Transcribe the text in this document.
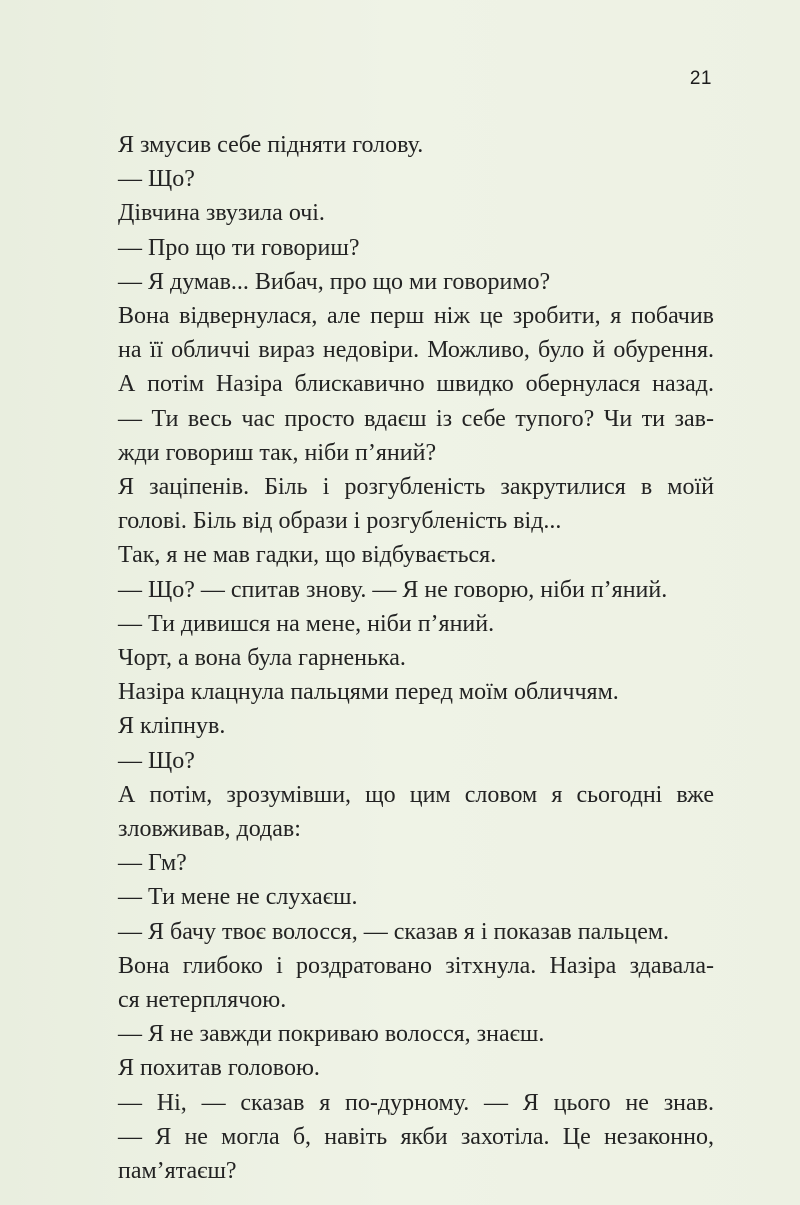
21
Я змусив себе підняти голову.
— Що?
Дівчина звузила очі.
— Про що ти говориш?
— Я думав... Вибач, про що ми говоримо?
Вона відвернулася, але перш ніж це зробити, я побачив
на її обличчі вираз недовіри. Можливо, було й обурення.
А потім Назіра блискавично швидко обернулася назад.
— Ти весь час просто вдаєш із себе тупого? Чи ти зав-
жди говориш так, ніби п’яний?
Я заціпенів. Біль і розгубленість закрутилися в моїй
голові. Біль від образи і розгубленість від...
Так, я не мав гадки, що відбувається.
— Що? — спитав знову. — Я не говорю, ніби п’яний.
— Ти дивишся на мене, ніби п’яний.
Чорт, а вона була гарненька.
Назіра клацнула пальцями перед моїм обличчям.
Я кліпнув.
— Що?
А потім, зрозумівши, що цим словом я сьогодні вже
зловживав, додав:
— Гм?
— Ти мене не слухаєш.
— Я бачу твоє волосся, — сказав я і показав пальцем.
Вона глибоко і роздратовано зітхнула. Назіра здавала-
ся нетерплячою.
— Я не завжди покриваю волосся, знаєш.
Я похитав головою.
— Ні, — сказав я по-дурному. — Я цього не знав.
— Я не могла б, навіть якби захотіла. Це незаконно,
пам’ятаєш?
